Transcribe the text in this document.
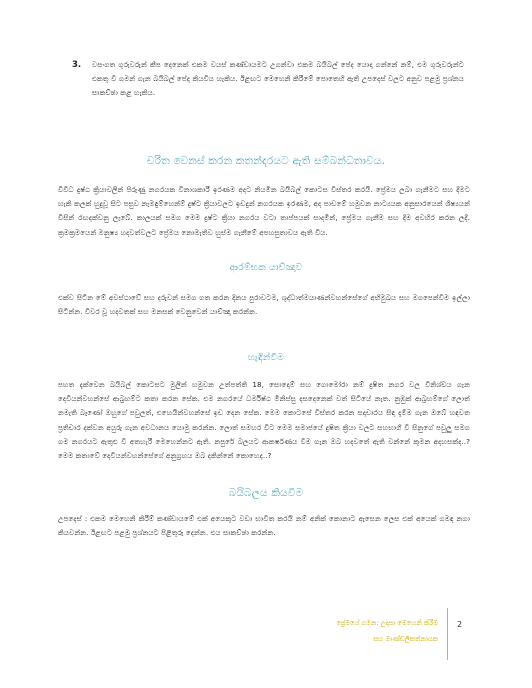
3.	වසංගත ගුරුවරුන් කීප දෙනෙක් එකම වයස් කණ්ඩායමට උගන්වා එකම බයිබල් පේද යොදා ගන්නේ නම්, එම ගුරුවරුන්ට එකතු වී ගමන් ගැන බයිබල් පේද කියවිය හැකිය. ඊළඟට මෙහෙනි කිරීමේ පොතෙහි ඇති උපදෙස් වලට අනුව පළමු ප්‍රශ්නය සාකච්ඡා කළ හැකිය.

චරිත වෙනස් කරන කතන්දරයට ඇති සම්බන්ධතාවය.

විවිධ දුෂ්ඨ ක්‍රියාවලින් පිරුණු නගරයක විනාශකාරී ඉරණම අදට නියමින බයිබල් කොටස විස්තර කරයි. ප්‍රේමය ලබා ගැනීමට සහ දීමට හැකි කලක් හුදුවූ සිට පසුව නැමඳුම්හෙන්ම් දුෂ්ට ක්‍රියාවලට ඉඩදුන් නගරයක ඉරණම, අද පාඩමේ හමුවන නාට්‍යයක අනුසාරයෙන් ශිෂ්‍යයන් විසින් රඟදක්වනු ලැබේ. කාලයක් සමග මෙම දුෂ්ට ක්‍රියා නගරය වටා තාප්පයක් සාදමින්, ප්‍රේමය ගැනීම සහ දීම අවහිර කරන ලදී. ක්‍රමක්‍රමයෙන් මනුෂ්‍ය හදවත්වලට ප්‍රේමය නොමැතිව හුස්ම ගැනීමේ අපහසුතාවය ඇති විය.

ආරම්භක යාච්ඤාව

එක්ව සිටින මේ අවස්ථාවේ සහ දරුවන් සමග ගත කරන දිනය පුරාවටම, ශුද්ධාත්මයාණන්වහන්සේගේ අභිමුඛය සහ මගපෙන්වීම ඉල්ලා සිටින්න. විවර වූ හදවතක් සහ මනසක් වෙනුවෙන් යාච්ඤා කරන්න.

හැඳින්වීම

පහත දැක්වෙන බයිබල් කොටසට මුලින් හමුවන උත්පත්ති 18, සොදොම් සහ ගොමෝරා නම් දුෂිත නගර වල විනිශ්චය ගැන දෙවියන්වහන්සේ ආබ්‍රහම්ට කතා කරන සේක. එම නගරයේ ධර්මිෂ්ඨ මිනිස්සු දසදෙනෙක් වත් සිටියේ නැත. නුඹුක් ආබ්‍රහම්ගේ ලොත් නමැති බෑණෝ ඔහුගේ පවුලත්, එහෙයින්වහන්සේ ඉඩ දෙන සේක. මෙම කොටසේ විස්තර කරන සදාචාරය සිඳ දැමීම ගැන ඔබේ හඳවත ප්‍රතිචාර දක්වන අයුරු ගැන අවධානය යොමු කරන්න. ලොත් සමහර විට මෙම සමාජයේ දුෂිත ක්‍රියා වලට සහභාගී වී සිනුගේ පවුලු සමග ගම නගරයට ඇතුළු වී අතහැරී මෙහෙන්නට ඇති. නපුරේ බලයට ආකර්ෂණය වීම ගැන ඔබ හදවතේ ඇති වන්නේ කුමන අදහසක්ද..? මෙම කතාවේ දෙවියන්වහන්සේගේ අනුග්‍රහය ඔබ දකින්නේ කොහෙද..?

බයිබලය කියවීම

උපදෙස් : එකම මෙහෙනි කිරීම් කණ්ඩායමේ එක් අයෙකුට වඩා භාවිත කරයි නම් අනික් කොනාට ඇසෙන ලෙස එක් අයෙක් ගමඳ නගා කියවන්න. ඊළඟට පළමු ප්‍රශ්නයට පිළිතුරු දෙන්න. එය සාකච්ඡා කරන්න.

ප්‍රේමයේ ගමන: උදාසා මෙහෙනි කිරීම
සහ මාණ්ඩලිකත්නායක
2
